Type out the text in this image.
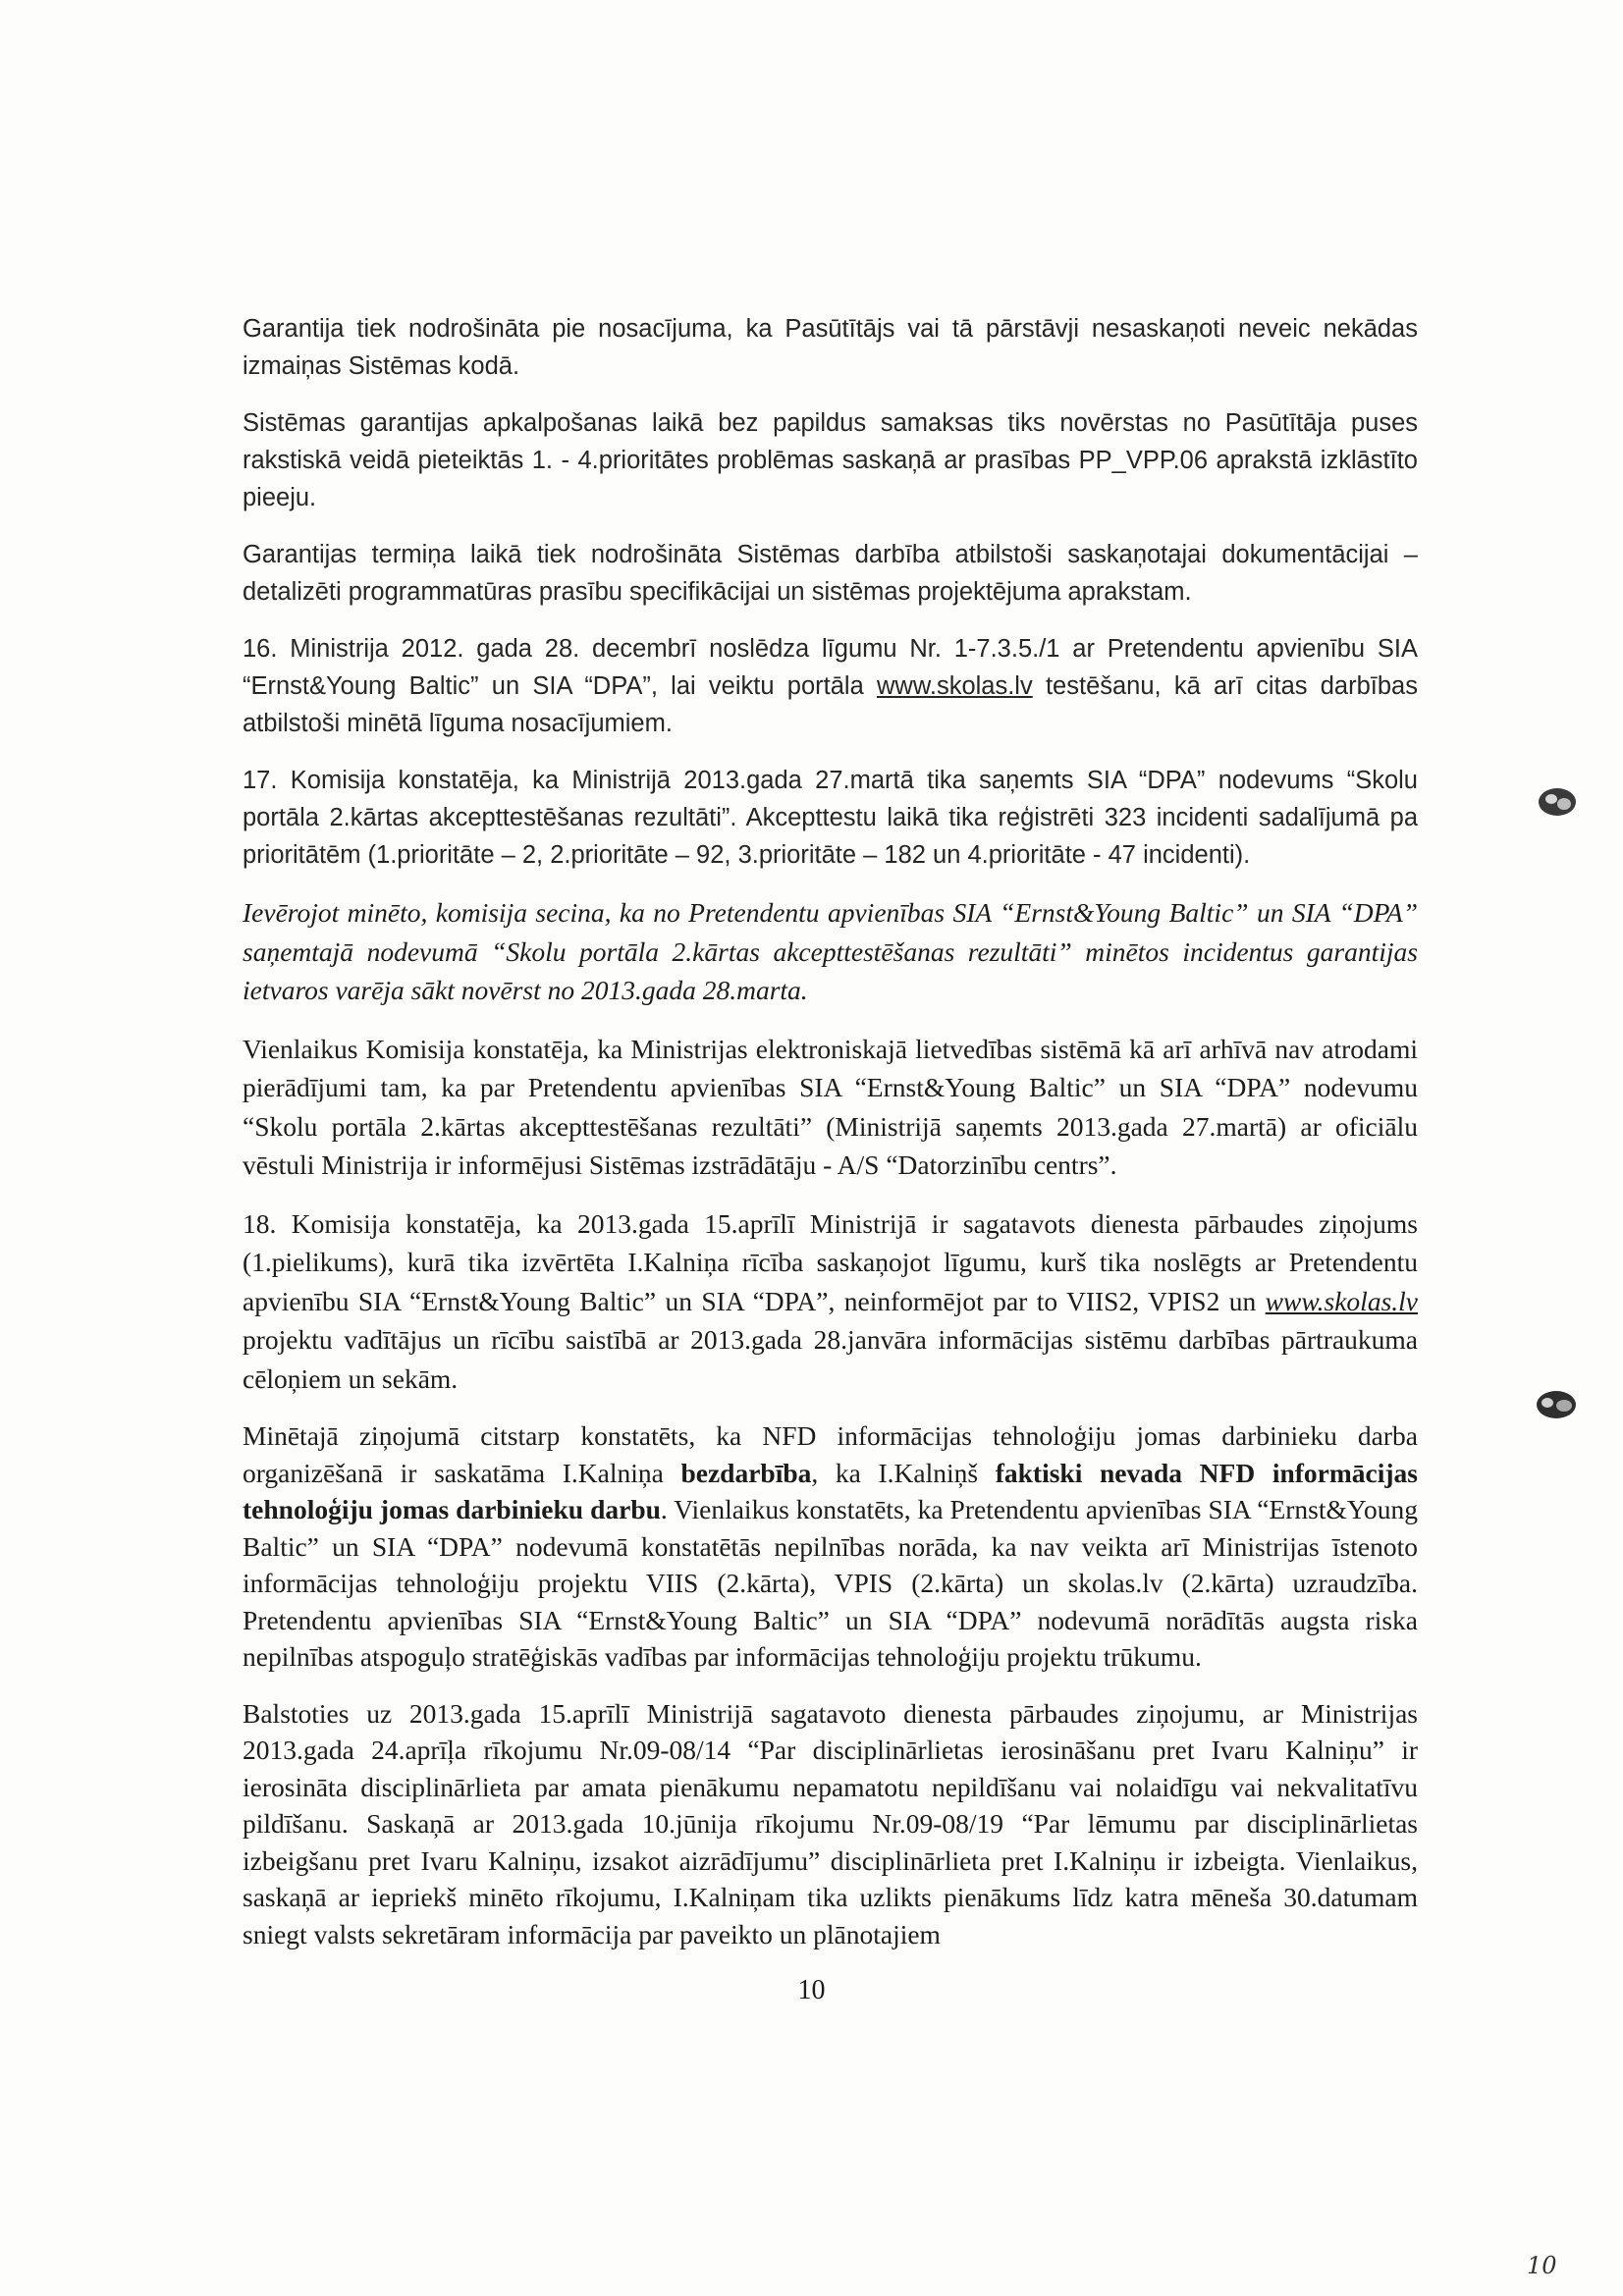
Garantija tiek nodrošināta pie nosacījuma, ka Pasūtītājs vai tā pārstāvji nesaskaņoti neveic nekādas izmaiņas Sistēmas kodā.

Sistēmas garantijas apkalpošanas laikā bez papildus samaksas tiks novērstas no Pasūtītāja puses rakstiskā veidā pieteiktās 1. - 4.prioritātes problēmas saskaņā ar prasības PP_VPP.06 aprakstā izklāstīto pieeju.

Garantijas termiņa laikā tiek nodrošināta Sistēmas darbība atbilstoši saskaņotajai dokumentācijai – detalizēti programmatūras prasību specifikācijai un sistēmas projektējuma aprakstam.

16. Ministrija 2012. gada 28. decembrī noslēdza līgumu Nr. 1-7.3.5./1 ar Pretendentu apvienību SIA “Ernst&Young Baltic” un SIA “DPA”, lai veiktu portāla www.skolas.lv testēšanu, kā arī citas darbības atbilstoši minētā līguma nosacījumiem.

17. Komisija konstatēja, ka Ministrijā 2013.gada 27.martā tika saņemts SIA “DPA” nodevums “Skolu portāla 2.kārtas akcepttestēšanas rezultāti”. Akcepttestu laikā tika reģistrēti 323 incidenti sadalījumā pa prioritātēm (1.prioritāte – 2, 2.prioritāte – 92, 3.prioritāte – 182 un 4.prioritāte - 47 incidenti).

Ievērojot minēto, komisija secina, ka no Pretendentu apvienības SIA “Ernst&Young Baltic” un SIA “DPA” saņemtajā nodevumā “Skolu portāla 2.kārtas akcepttestēšanas rezultāti” minētos incidentus garantijas ietvaros varēja sākt novērst no 2013.gada 28.marta.

Vienlaikus Komisija konstatēja, ka Ministrijas elektroniskajā lietvedības sistēmā kā arī arhīvā nav atrodami pierādījumi tam, ka par Pretendentu apvienības SIA “Ernst&Young Baltic” un SIA “DPA” nodevumu “Skolu portāla 2.kārtas akcepttestēšanas rezultāti” (Ministrijā saņemts 2013.gada 27.martā) ar oficiālu vēstuli Ministrija ir informējusi Sistēmas izstrādātāju - A/S “Datorzinību centrs”.

18. Komisija konstatēja, ka 2013.gada 15.aprīlī Ministrijā ir sagatavots dienesta pārbaudes ziņojums (1.pielikums), kurā tika izvērtēta I.Kalniņa rīcība saskaņojot līgumu, kurš tika noslēgts ar Pretendentu apvienību SIA “Ernst&Young Baltic” un SIA “DPA”, neinformējot par to VIIS2, VPIS2 un www.skolas.lv projektu vadītājus un rīcību saistībā ar 2013.gada 28.janvāra informācijas sistēmu darbības pārtraukuma cēloņiem un sekām.

Minētajā ziņojumā citstarp konstatēts, ka NFD informācijas tehnoloģiju jomas darbinieku darba organizēšanā ir saskatāma I.Kalniņa bezdarbība, ka I.Kalniņš faktiski nevada NFD informācijas tehnoloģiju jomas darbinieku darbu. Vienlaikus konstatēts, ka Pretendentu apvienības SIA “Ernst&Young Baltic” un SIA “DPA” nodevumā konstatētās nepilnības norāda, ka nav veikta arī Ministrijas īstenoto informācijas tehnoloģiju projektu VIIS (2.kārta), VPIS (2.kārta) un skolas.lv (2.kārta) uzraudzība. Pretendentu apvienības SIA “Ernst&Young Baltic” un SIA “DPA” nodevumā norādītās augsta riska nepilnības atspoguļo stratēģiskās vadības par informācijas tehnoloģiju projektu trūkumu.

Balstoties uz 2013.gada 15.aprīlī Ministrijā sagatavoto dienesta pārbaudes ziņojumu, ar Ministrijas 2013.gada 24.aprīļa rīkojumu Nr.09-08/14 “Par disciplinārlietas ierosināšanu pret Ivaru Kalniņu” ir ierosināta disciplinārlieta par amata pienākumu nepamatotu nepildīšanu vai nolaidīgu vai nekvalitatīvu pildīšanu. Saskaņā ar 2013.gada 10.jūnija rīkojumu Nr.09-08/19 “Par lēmumu par disciplinārlietas izbeigšanu pret Ivaru Kalniņu, izsakot aizrādījumu” disciplinārlieta pret I.Kalniņu ir izbeigta. Vienlaikus, saskaņā ar iepriekš minēto rīkojumu, I.Kalniņam tika uzlikts pienākums līdz katra mēneša 30.datumam sniegt valsts sekretāram informācija par paveikto un plānotajiem

10
10
